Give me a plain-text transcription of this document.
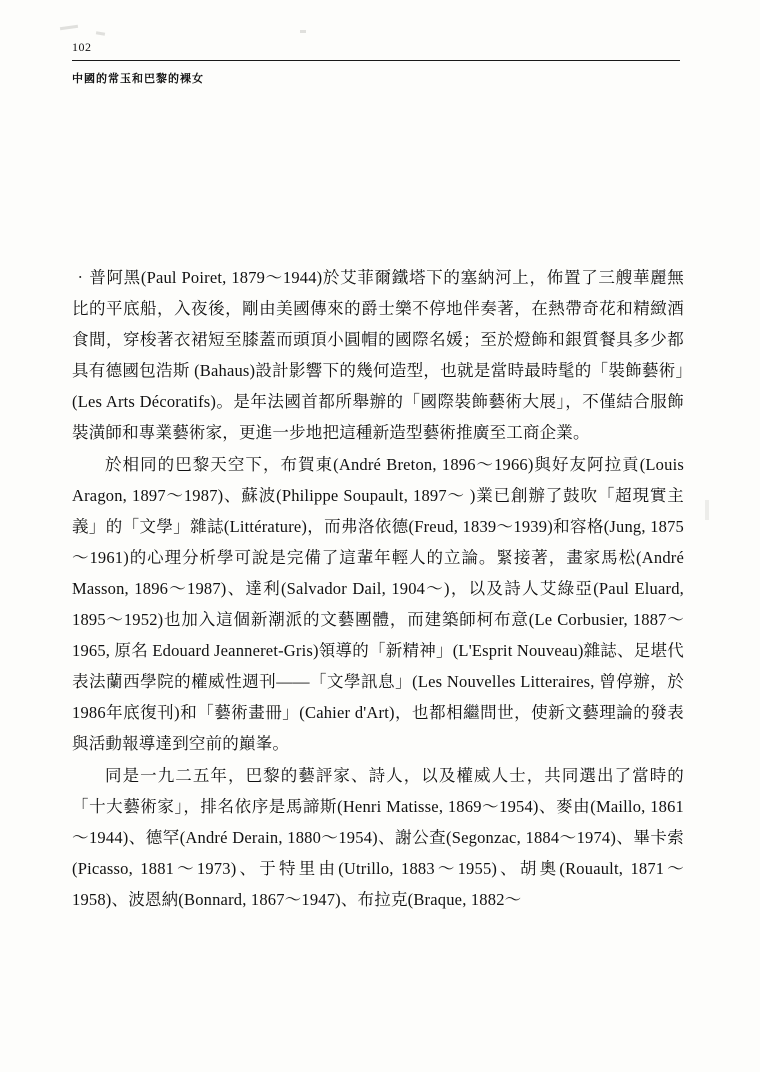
102

中國的常玉和巴黎的裸女

‧普阿黑(Paul Poiret, 1879～1944)於艾菲爾鐵塔下的塞納河上，佈置了三艘華麗無比的平底船，入夜後，剛由美國傳來的爵士樂不停地伴奏著，在熱帶奇花和精緻酒食間，穿梭著衣裙短至膝蓋而頭頂小圓帽的國際名媛；至於燈飾和銀質餐具多少都具有德國包浩斯 (Bahaus)設計影響下的幾何造型，也就是當時最時髦的「裝飾藝術」(Les Arts Décoratifs)。是年法國首都所舉辦的「國際裝飾藝術大展」，不僅結合服飾裝潢師和專業藝術家，更進一步地把這種新造型藝術推廣至工商企業。

於相同的巴黎天空下，布賀東(André Breton, 1896～1966)與好友阿拉貢(Louis Aragon, 1897～1987)、蘇波(Philippe Soupault, 1897～ )業已創辦了鼓吹「超現實主義」的「文學」雜誌(Littérature)，而弗洛依德(Freud, 1839～1939)和容格(Jung, 1875～1961)的心理分析學可說是完備了這輩年輕人的立論。緊接著，畫家馬松(André Masson, 1896～1987)、達利(Salvador Dail, 1904～)，以及詩人艾綠亞(Paul Eluard, 1895～1952)也加入這個新潮派的文藝團體，而建築師柯布意(Le Corbusier, 1887～1965, 原名 Edouard Jeanneret-Gris)領導的「新精神」(L'Esprit Nouveau)雜誌、足堪代表法蘭西學院的權威性週刊——「文學訊息」(Les Nouvelles Litteraires, 曾停辦，於1986年底復刊)和「藝術畫冊」(Cahier d'Art)，也都相繼問世，使新文藝理論的發表與活動報導達到空前的巔峯。

同是一九二五年，巴黎的藝評家、詩人，以及權威人士，共同選出了當時的「十大藝術家」，排名依序是馬諦斯(Henri Matisse, 1869～1954)、麥由(Maillo, 1861～1944)、德罕(André Derain, 1880～1954)、謝公查(Segonzac, 1884～1974)、畢卡索(Picasso, 1881～1973)、于特里由(Utrillo, 1883～1955)、胡奧(Rouault, 1871～1958)、波恩納(Bonnard, 1867～1947)、布拉克(Braque, 1882～
